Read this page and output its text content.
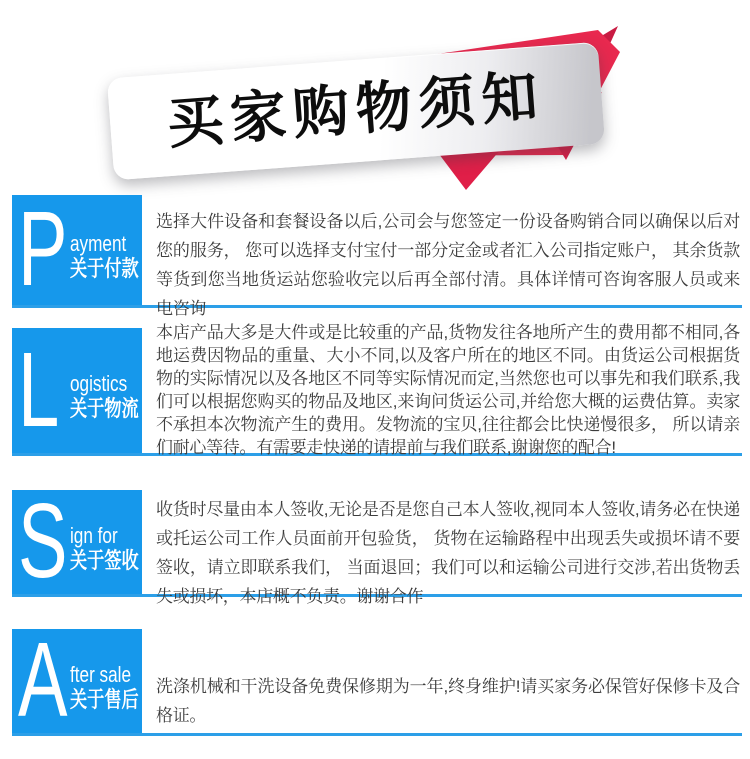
买家购物须知
P ayment
关于付款

选择大件设备和套餐设备以后,公司会与您签定一份设备购销合同以确保以后对您的服务， 您可以选择支付宝付一部分定金或者汇入公司指定账户， 其余货款等货到您当地货运站您验收完以后再全部付清。具体详情可咨询客服人员或来电咨询

L ogistics
关于物流

本店产品大多是大件或是比较重的产品,货物发往各地所产生的费用都不相同,各地运费因物品的重量、大小不同,以及客户所在的地区不同。由货运公司根据货物的实际情况以及各地区不同等实际情况而定,当然您也可以事先和我们联系,我们可以根据您购买的物品及地区,来询问货运公司,并给您大概的运费估算。卖家不承担本次物流产生的费用。发物流的宝贝,往往都会比快递慢很多， 所以请亲们耐心等待。有需要走快递的请提前与我们联系,谢谢您的配合!

S ign for
关于签收

收货时尽量由本人签收,无论是否是您自己本人签收,视同本人签收,请务必在快递或托运公司工作人员面前开包验货， 货物在运输路程中出现丢失或损坏请不要签收，请立即联系我们， 当面退回；我们可以和运输公司进行交涉,若出货物丢失或损坏，本店概不负责。谢谢合作

A fter sale
关于售后

洗涤机械和干洗设备免费保修期为一年,终身维护!请买家务必保管好保修卡及合格证。
